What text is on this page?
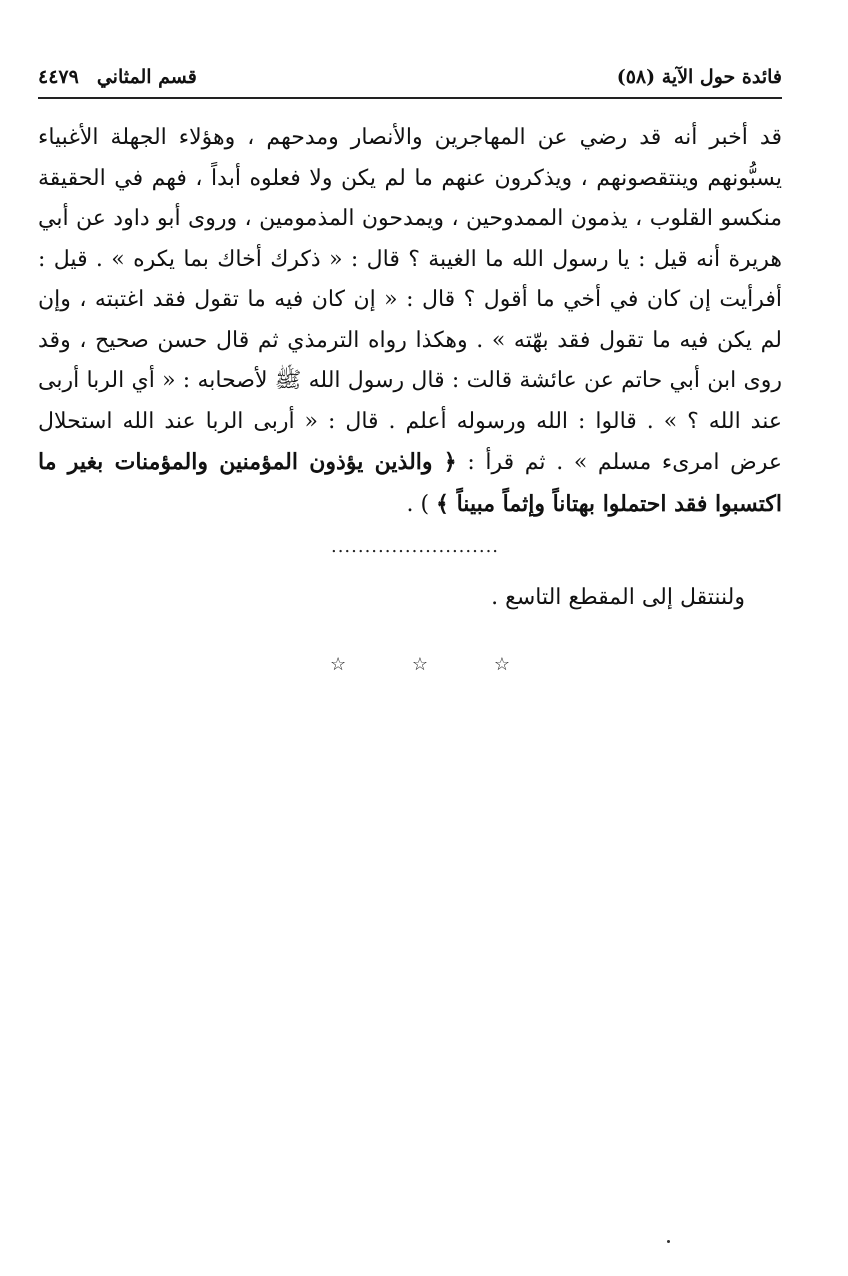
فائدة حول الآية (٥٨)
قسم المثاني
٤٤٧٩
قد أخبر أنه قد رضي عن المهاجرين والأنصار ومدحهم ، وهؤلاء الجهلة الأغبياء يسبُّونهم وينتقصونهم ، ويذكرون عنهم ما لم يكن ولا فعلوه أبداً ، فهم في الحقيقة منكسو القلوب ، يذمون الممدوحين ، ويمدحون المذمومين ، وروى أبو داود عن أبي هريرة أنه قيل : يا رسول الله ما الغيبة ؟ قال : « ذكرك أخاك بما يكره » . قيل : أفرأيت إن كان في أخي ما أقول ؟ قال : « إن كان فيه ما تقول فقد اغتبته ، وإن لم يكن فيه ما تقول فقد بهّته » . وهكذا رواه الترمذي ثم قال حسن صحيح ، وقد روى ابن أبي حاتم عن عائشة قالت : قال رسول الله ﷺ لأصحابه : « أي الربا أربى عند الله ؟ » . قالوا : الله ورسوله أعلم . قال : « أربى الربا عند الله استحلال عرض امرىء مسلم » . ثم قرأ : ﴿ والذين يؤذون المؤمنين والمؤمنات بغير ما اكتسبوا فقد احتملوا بهتاناً وإثماً مبيناً ﴾ ) .
.........................
ولننتقل إلى المقطع التاسع .
☆	☆	☆
